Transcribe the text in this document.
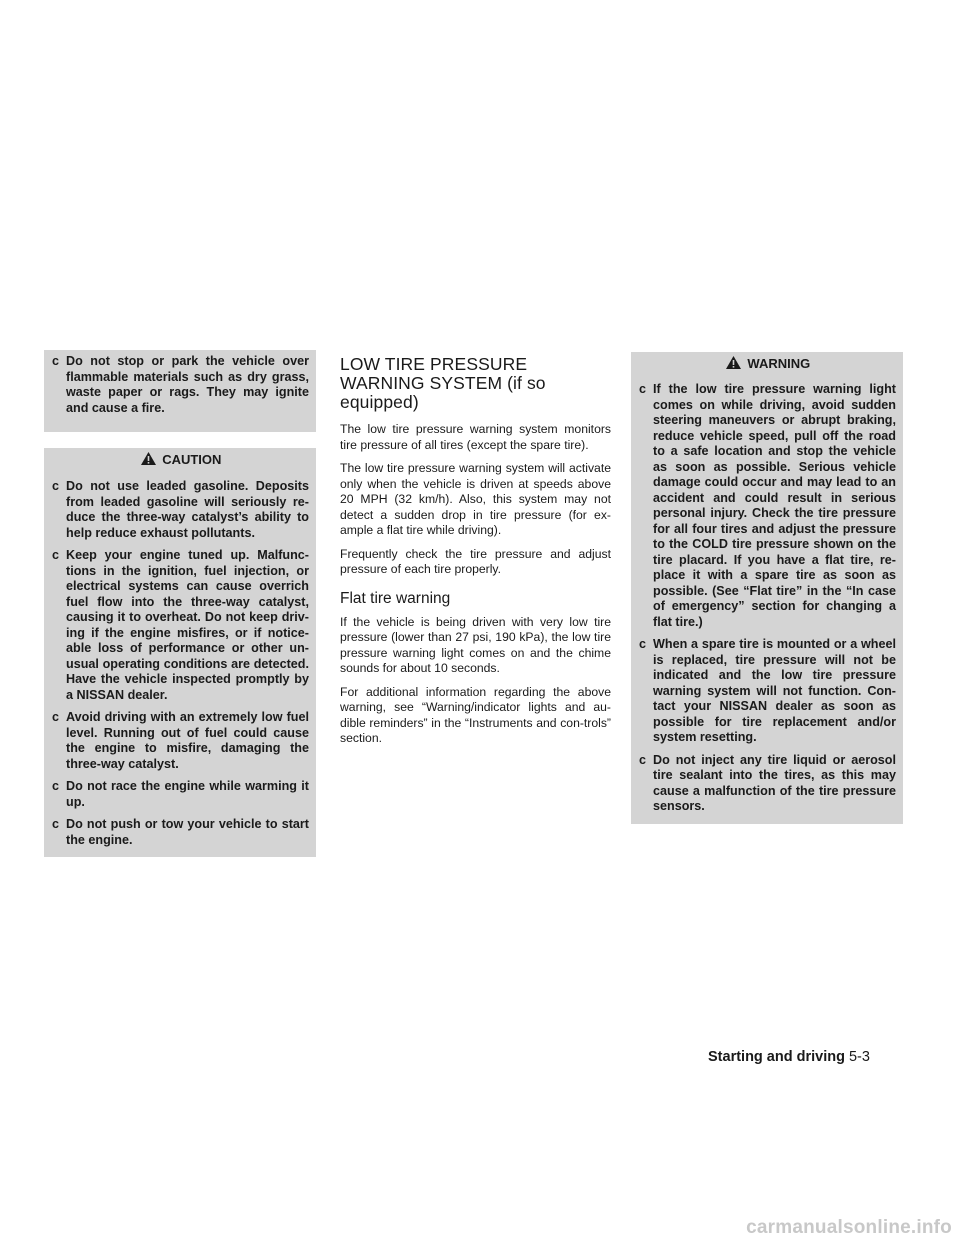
c Do not stop or park the vehicle over flammable materials such as dry grass, waste paper or rags. They may ignite and cause a fire.
CAUTION
c Do not use leaded gasoline. Deposits from leaded gasoline will seriously re-duce the three-way catalyst’s ability to help reduce exhaust pollutants.
c Keep your engine tuned up. Malfunc-tions in the ignition, fuel injection, or electrical systems can cause overrich fuel flow into the three-way catalyst, causing it to overheat. Do not keep driv-ing if the engine misfires, or if notice-able loss of performance or other un-usual operating conditions are detected. Have the vehicle inspected promptly by a NISSAN dealer.
c Avoid driving with an extremely low fuel level. Running out of fuel could cause the engine to misfire, damaging the three-way catalyst.
c Do not race the engine while warming it up.
c Do not push or tow your vehicle to start the engine.
LOW TIRE PRESSURE WARNING SYSTEM (if so equipped)

The low tire pressure warning system monitors tire pressure of all tires (except the spare tire).

The low tire pressure warning system will activate only when the vehicle is driven at speeds above 20 MPH (32 km/h). Also, this system may not detect a sudden drop in tire pressure (for ex-ample a flat tire while driving).

Frequently check the tire pressure and adjust pressure of each tire properly.

Flat tire warning

If the vehicle is being driven with very low tire pressure (lower than 27 psi, 190 kPa), the low tire pressure warning light comes on and the chime sounds for about 10 seconds.

For additional information regarding the above warning, see “Warning/indicator lights and au-dible reminders” in the “Instruments and con-trols” section.

WARNING
c If the low tire pressure warning light comes on while driving, avoid sudden steering maneuvers or abrupt braking, reduce vehicle speed, pull off the road to a safe location and stop the vehicle as soon as possible. Serious vehicle damage could occur and may lead to an accident and could result in serious personal injury. Check the tire pressure for all four tires and adjust the pressure to the COLD tire pressure shown on the tire placard. If you have a flat tire, re-place it with a spare tire as soon as possible. (See “Flat tire” in the “In case of emergency” section for changing a flat tire.)
c When a spare tire is mounted or a wheel is replaced, tire pressure will not be indicated and the low tire pressure warning system will not function. Con-tact your NISSAN dealer as soon as possible for tire replacement and/or system resetting.
c Do not inject any tire liquid or aerosol tire sealant into the tires, as this may cause a malfunction of the tire pressure sensors.
Starting and driving 5-3
carmanualsonline.info
